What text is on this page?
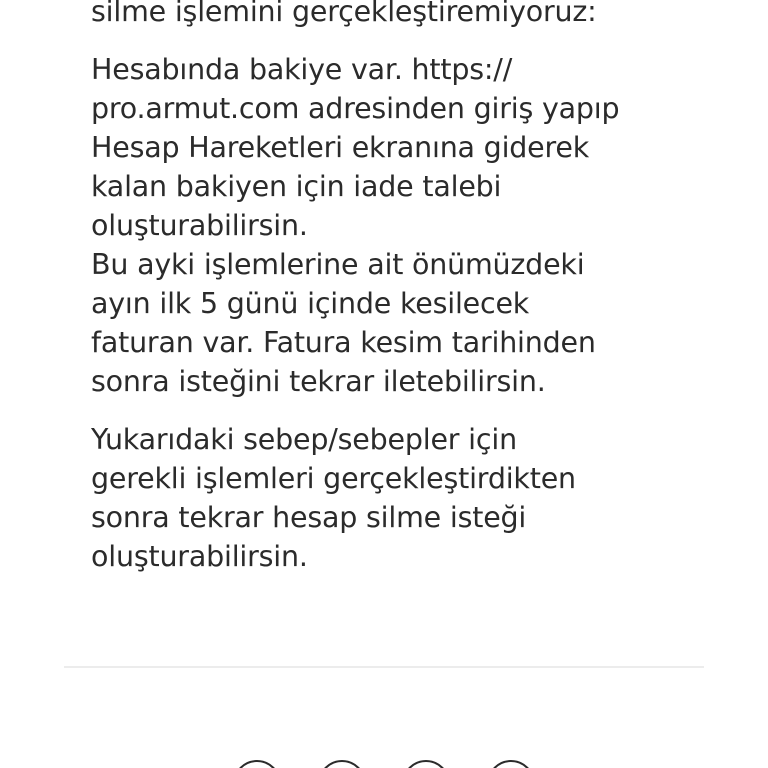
silme işlemini gerçekleştiremiyoruz:

Hesabında bakiye var. https://
pro.armut.com adresinden giriş yapıp
Hesap Hareketleri ekranına giderek
kalan bakiyen için iade talebi
oluşturabilirsin.
Bu ayki işlemlerine ait önümüzdeki
ayın ilk 5 günü içinde kesilecek
faturan var. Fatura kesim tarihinden
sonra isteğini tekrar iletebilirsin.

Yukarıdaki sebep/sebepler için
gerekli işlemleri gerçekleştirdikten
sonra tekrar hesap silme isteği
oluşturabilirsin.
